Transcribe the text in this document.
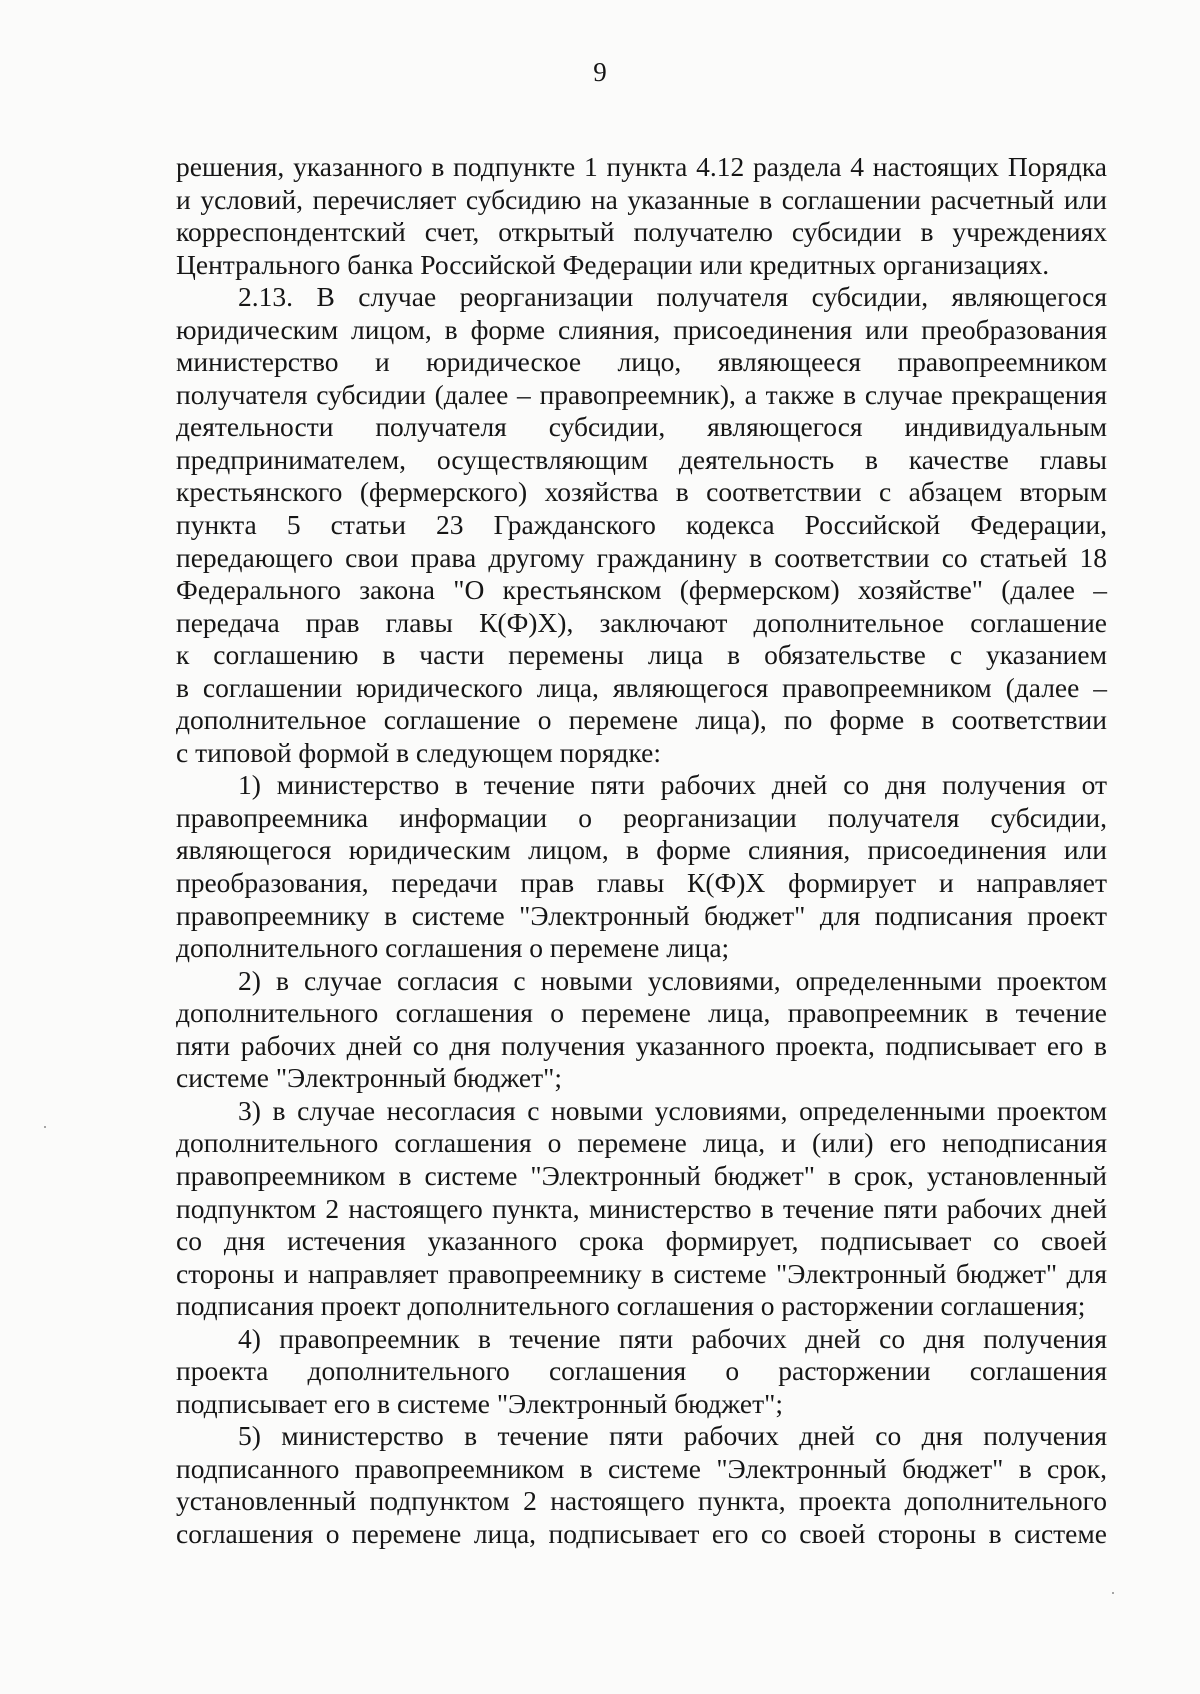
9
решения, указанного в подпункте 1 пункта 4.12 раздела 4 настоящих Порядка
и условий, перечисляет субсидию на указанные в соглашении расчетный или
корреспондентский счет, открытый получателю субсидии в учреждениях
Центрального банка Российской Федерации или кредитных организациях.
2.13. В случае реорганизации получателя субсидии, являющегося
юридическим лицом, в форме слияния, присоединения или преобразования
министерство и юридическое лицо, являющееся правопреемником
получателя субсидии (далее – правопреемник), а также в случае прекращения
деятельности получателя субсидии, являющегося индивидуальным
предпринимателем, осуществляющим деятельность в качестве главы
крестьянского (фермерского) хозяйства в соответствии с абзацем вторым
пункта 5 статьи 23 Гражданского кодекса Российской Федерации,
передающего свои права другому гражданину в соответствии со статьей 18
Федерального закона "О крестьянском (фермерском) хозяйстве" (далее –
передача прав главы К(Ф)Х), заключают дополнительное соглашение
к соглашению в части перемены лица в обязательстве с указанием
в соглашении юридического лица, являющегося правопреемником (далее –
дополнительное соглашение о перемене лица), по форме в соответствии
с типовой формой в следующем порядке:
1) министерство в течение пяти рабочих дней со дня получения от
правопреемника информации о реорганизации получателя субсидии,
являющегося юридическим лицом, в форме слияния, присоединения или
преобразования, передачи прав главы К(Ф)Х формирует и направляет
правопреемнику в системе "Электронный бюджет" для подписания проект
дополнительного соглашения о перемене лица;
2) в случае согласия с новыми условиями, определенными проектом
дополнительного соглашения о перемене лица, правопреемник в течение
пяти рабочих дней со дня получения указанного проекта, подписывает его в
системе "Электронный бюджет";
3) в случае несогласия с новыми условиями, определенными проектом
дополнительного соглашения о перемене лица, и (или) его неподписания
правопреемником в системе "Электронный бюджет" в срок, установленный
подпунктом 2 настоящего пункта, министерство в течение пяти рабочих дней
со дня истечения указанного срока формирует, подписывает со своей
стороны и направляет правопреемнику в системе "Электронный бюджет" для
подписания проект дополнительного соглашения о расторжении соглашения;
4) правопреемник в течение пяти рабочих дней со дня получения
проекта дополнительного соглашения о расторжении соглашения
подписывает его в системе "Электронный бюджет";
5) министерство в течение пяти рабочих дней со дня получения
подписанного правопреемником в системе "Электронный бюджет" в срок,
установленный подпунктом 2 настоящего пункта, проекта дополнительного
соглашения о перемене лица, подписывает его со своей стороны в системе
